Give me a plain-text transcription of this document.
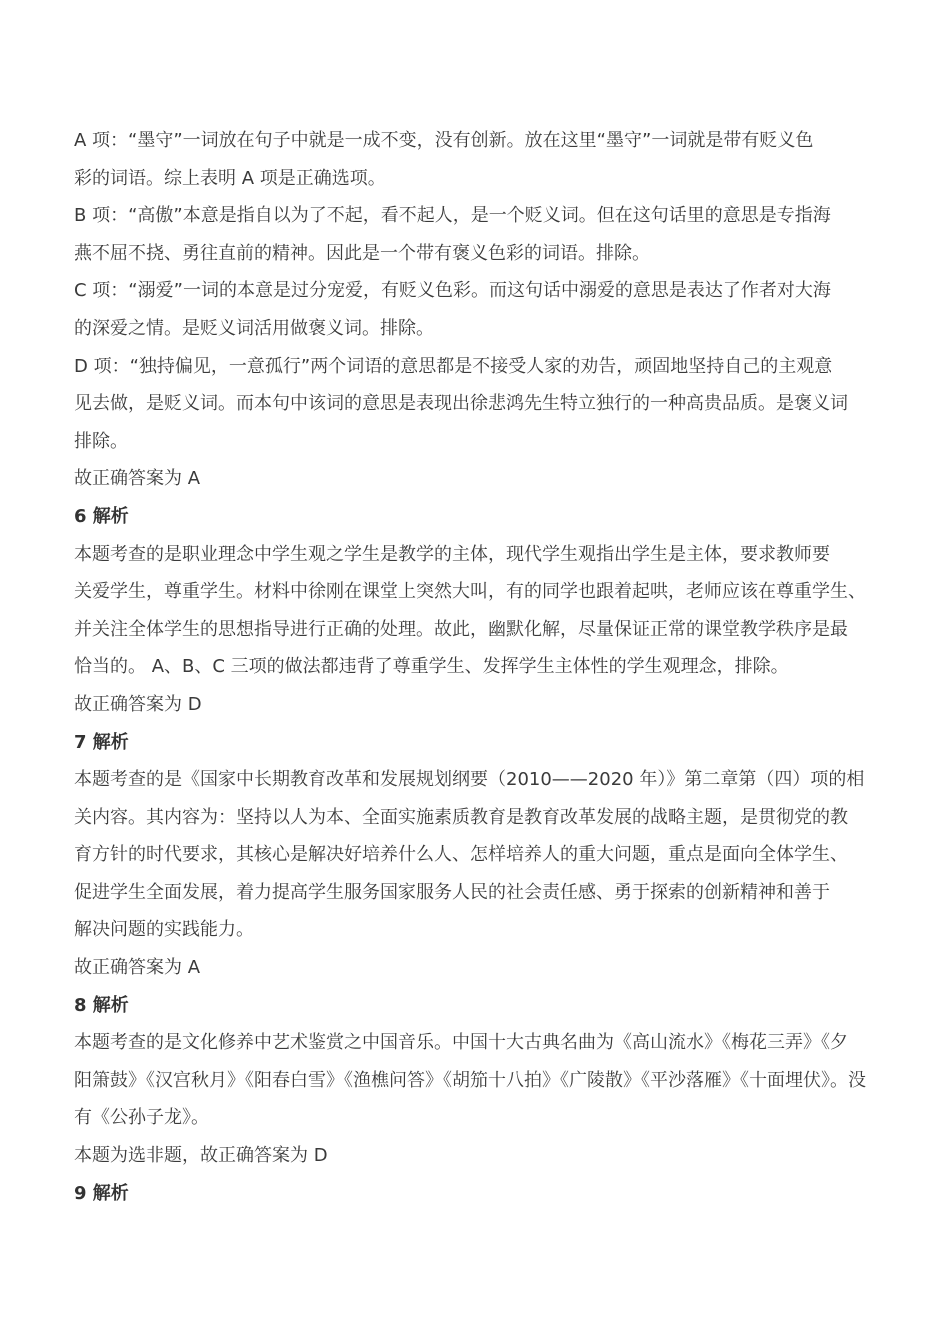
A 项：“墨守”一词放在句子中就是一成不变，没有创新。放在这里“墨守”一词就是带有贬义色
彩的词语。综上表明 A 项是正确选项。
B 项：“高傲”本意是指自以为了不起，看不起人，是一个贬义词。但在这句话里的意思是专指海
燕不屈不挠、勇往直前的精神。因此是一个带有褒义色彩的词语。排除。
C 项：“溺爱”一词的本意是过分宠爱，有贬义色彩。而这句话中溺爱的意思是表达了作者对大海
的深爱之情。是贬义词活用做褒义词。排除。
D 项：“独持偏见，一意孤行”两个词语的意思都是不接受人家的劝告，顽固地坚持自己的主观意
见去做，是贬义词。而本句中该词的意思是表现出徐悲鸿先生特立独行的一种高贵品质。是褒义词
排除。
故正确答案为 A
6 解析
本题考查的是职业理念中学生观之学生是教学的主体，现代学生观指出学生是主体，要求教师要
关爱学生，尊重学生。材料中徐刚在课堂上突然大叫，有的同学也跟着起哄，老师应该在尊重学生、
并关注全体学生的思想指导进行正确的处理。故此，幽默化解，尽量保证正常的课堂教学秩序是最
恰当的。 A、B、C 三项的做法都违背了尊重学生、发挥学生主体性的学生观理念，排除。
故正确答案为 D
7 解析
本题考查的是《国家中长期教育改革和发展规划纲要（2010——2020 年）》第二章第（四）项的相
关内容。其内容为：坚持以人为本、全面实施素质教育是教育改革发展的战略主题，是贯彻党的教
育方针的时代要求，其核心是解决好培养什么人、怎样培养人的重大问题，重点是面向全体学生、
促进学生全面发展，着力提高学生服务国家服务人民的社会责任感、勇于探索的创新精神和善于
解决问题的实践能力。
故正确答案为 A
8 解析
本题考查的是文化修养中艺术鉴赏之中国音乐。中国十大古典名曲为《高山流水》《梅花三弄》《夕
阳箫鼓》《汉宫秋月》《阳春白雪》《渔樵问答》《胡笳十八拍》《广陵散》《平沙落雁》《十面埋伏》。没
有《公孙子龙》。
本题为选非题，故正确答案为 D
9 解析
